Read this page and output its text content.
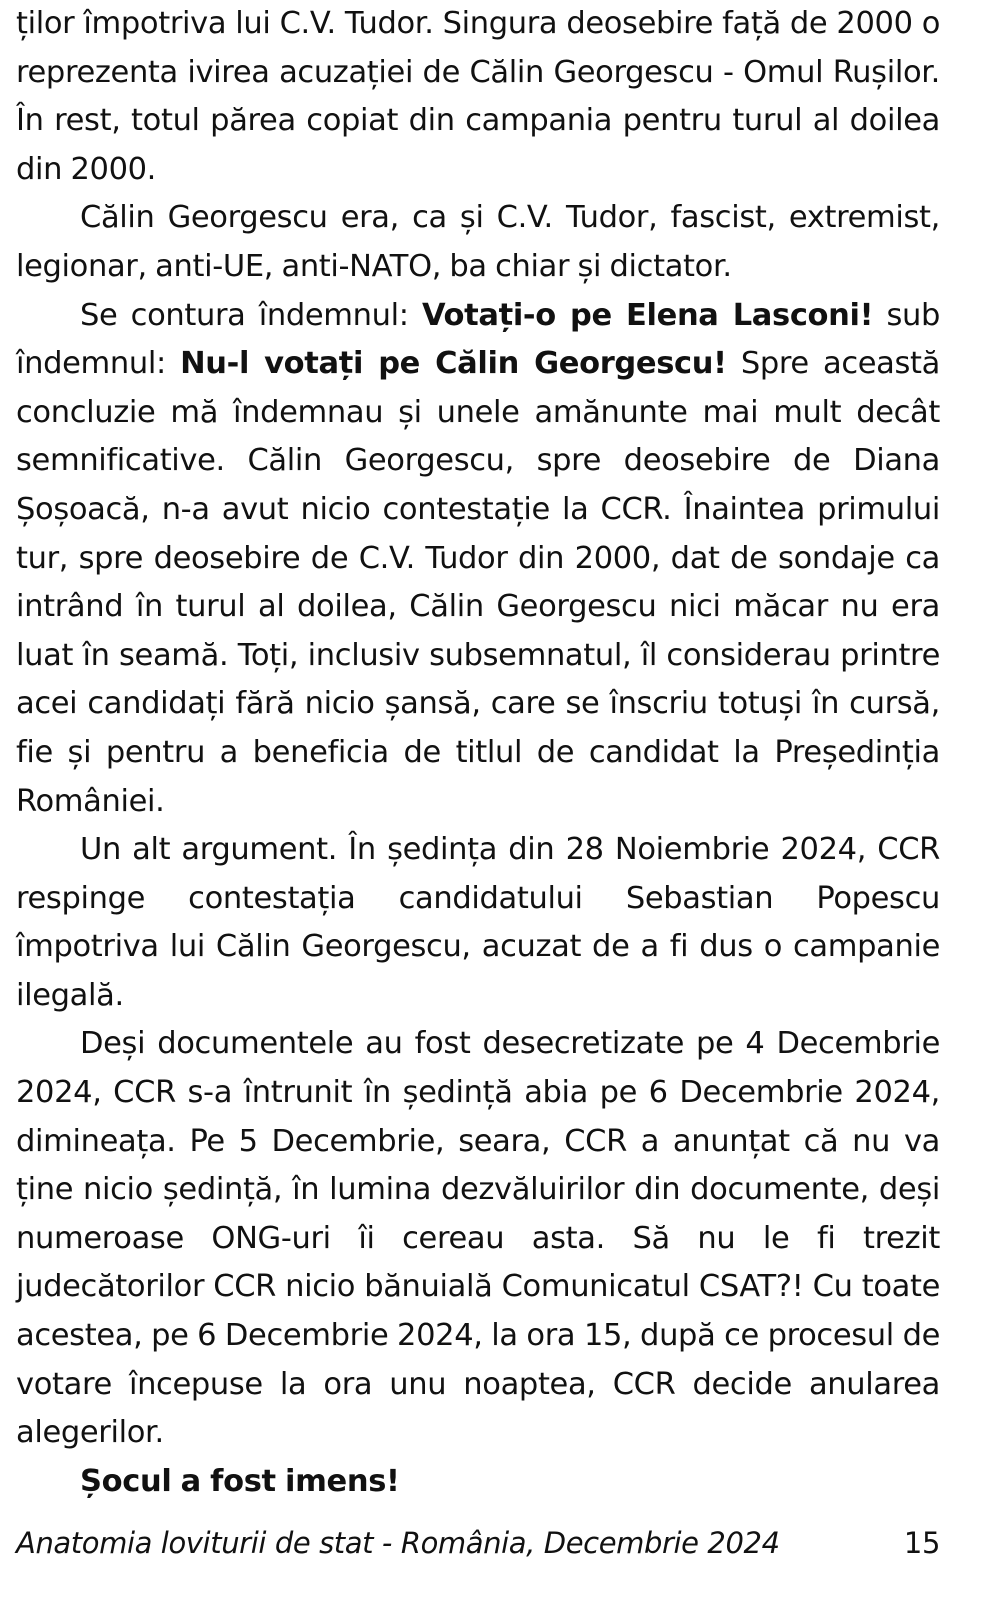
ților împotriva lui C.V. Tudor. Singura deosebire față de 2000 o reprezenta ivirea acuzației de Călin Georgescu - Omul Rușilor. În rest, totul părea copiat din campania pentru turul al doilea din 2000.

Călin Georgescu era, ca și C.V. Tudor, fascist, extremist, legionar, anti-UE, anti-NATO, ba chiar și dictator.

Se contura îndemnul: Votați-o pe Elena Lasconi! sub îndemnul: Nu-l votați pe Călin Georgescu! Spre această concluzie mă îndemnau și unele amănunte mai mult decât semnificative. Călin Georgescu, spre deosebire de Diana Șoșoacă, n-a avut nicio contestație la CCR. Înaintea primului tur, spre deosebire de C.V. Tudor din 2000, dat de sondaje ca intrând în turul al doilea, Călin Georgescu nici măcar nu era luat în seamă. Toți, inclusiv subsemnatul, îl considerau printre acei candidați fără nicio șansă, care se înscriu totuși în cursă, fie și pentru a beneficia de titlul de candidat la Președinția României.

Un alt argument. În ședința din 28 Noiembrie 2024, CCR respinge contestația candidatului Sebastian Popescu împotriva lui Călin Georgescu, acuzat de a fi dus o campanie ilegală.

Deși documentele au fost desecretizate pe 4 Decembrie 2024, CCR s-a întrunit în ședință abia pe 6 Decembrie 2024, dimineața. Pe 5 Decembrie, seara, CCR a anunțat că nu va ține nicio ședință, în lumina dezvăluirilor din documente, deși numeroase ONG-uri îi cereau asta. Să nu le fi trezit judecătorilor CCR nicio bănuială Comunicatul CSAT?! Cu toate acestea, pe 6 Decembrie 2024, la ora 15, după ce procesul de votare începuse la ora unu noaptea, CCR decide anularea alegerilor.

Șocul a fost imens!

Anatomia loviturii de stat - România, Decembrie 2024	15
